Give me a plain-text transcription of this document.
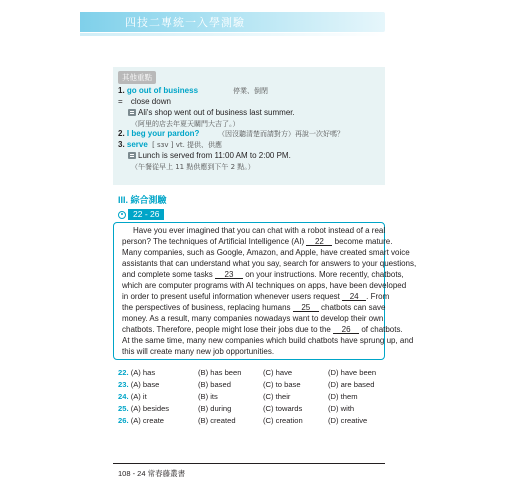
四技二專統一入學測驗
其他重點
1. go out of business	停業、倒閉
= close down
Ali's shop went out of business last summer.
（阿里的店去年夏天關門大吉了。）
2. I beg your pardon?	（因沒聽清楚而請對方）再說一次好嗎？
3. serve [ sɜv ] vt. 提供、供應
Lunch is served from 11:00 AM to 2:00 PM.
（午餐從早上 11 點供應到下午 2 點。）
III. 綜合測驗
22 - 26
Have you ever imagined that you can chat with a robot instead of a real
person? The techniques of Artificial Intelligence (AI) 22 become mature.
Many companies, such as Google, Amazon, and Apple, have created smart voice
assistants that can understand what you say, search for answers to your questions,
and complete some tasks 23 on your instructions. More recently, chatbots,
which are computer programs with AI techniques on apps, have been developed
in order to present useful information whenever users request 24 . From
the perspectives of business, replacing humans 25 chatbots can save
money. As a result, many companies nowadays want to develop their own
chatbots. Therefore, people might lose their jobs due to the 26 of chatbots.
At the same time, many new companies which build chatbots have sprung up, and
this will create many new job opportunities.
22. (A) has	(B) has been	(C) have	(D) have been
23. (A) base	(B) based	(C) to base	(D) are based
24. (A) it	(B) its	(C) their	(D) them
25. (A) besides	(B) during	(C) towards	(D) with
26. (A) create	(B) created	(C) creation	(D) creative
108 - 24 常春藤叢書
